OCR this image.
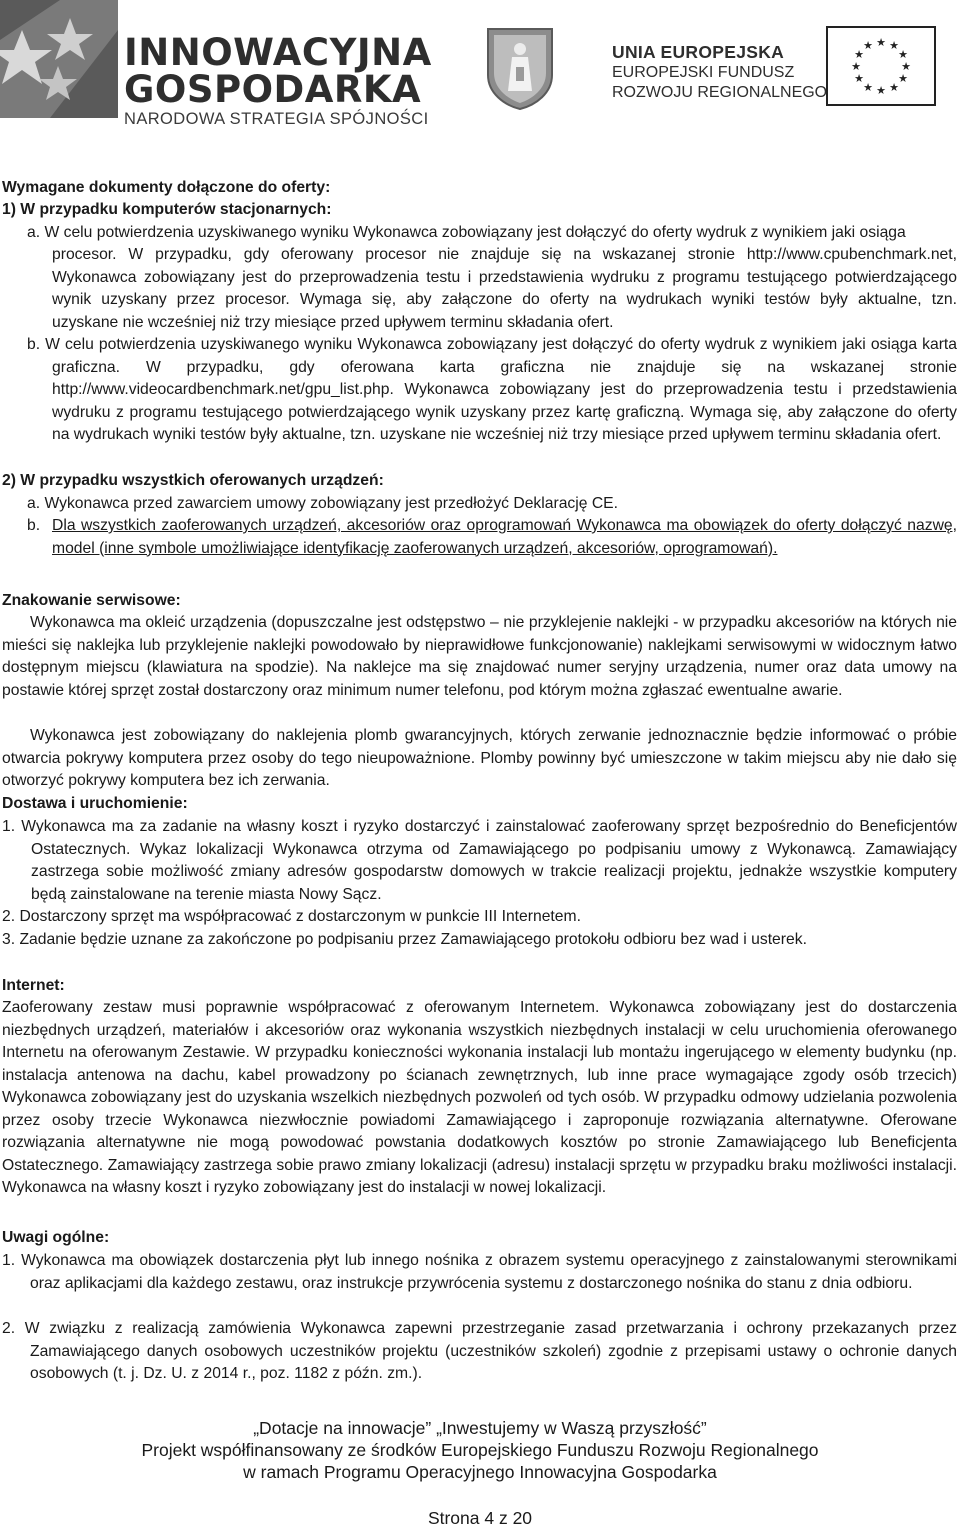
INNOWACYJNA
GOSPODARKA
NARODOWA STRATEGIA SPÓJNOŚCI
UNIA EUROPEJSKA
EUROPEJSKI FUNDUSZ
ROZWOJU REGIONALNEGO
★ ★
★
★
★
★
★
★
★
★
★
★
Wymagane dokumenty dołączone do oferty:
1) W przypadku komputerów stacjonarnych:
a. W celu potwierdzenia uzyskiwanego wyniku Wykonawca zobowiązany jest dołączyć do oferty wydruk z wynikiem jaki osiąga
procesor. W przypadku, gdy oferowany procesor nie znajduje się na wskazanej stronie http://www.cpubenchmark.net,
Wykonawca zobowiązany jest do przeprowadzenia testu i przedstawienia wydruku z programu testującego potwierdzającego
wynik uzyskany przez procesor. Wymaga się, aby załączone do oferty na wydrukach wyniki testów były aktualne, tzn.
uzyskane nie wcześniej niż trzy miesiące przed upływem terminu składania ofert.
b. W celu potwierdzenia uzyskiwanego wyniku Wykonawca zobowiązany jest dołączyć do oferty wydruk z wynikiem jaki osiąga karta graficzna. W przypadku, gdy oferowana karta graficzna nie znajduje się na wskazanej stronie http://www.videocardbenchmark.net/gpu_list.php. Wykonawca zobowiązany jest do przeprowadzenia testu i przedstawienia wydruku z programu testującego potwierdzającego wynik uzyskany przez kartę graficzną. Wymaga się, aby załączone do oferty na wydrukach wyniki testów były aktualne, tzn. uzyskane nie wcześniej niż trzy miesiące przed upływem terminu składania ofert.
2) W przypadku wszystkich oferowanych urządzeń:
a. Wykonawca przed zawarciem umowy zobowiązany jest przedłożyć Deklarację CE.
b. Dla wszystkich zaoferowanych urządzeń, akcesoriów oraz oprogramowań Wykonawca ma obowiązek do oferty dołączyć nazwę, model (inne symbole umożliwiające identyfikację zaoferowanych urządzeń, akcesoriów, oprogramowań).
Znakowanie serwisowe:
Wykonawca ma okleić urządzenia (dopuszczalne jest odstępstwo – nie przyklejenie naklejki - w przypadku akcesoriów na których nie mieści się naklejka lub przyklejenie naklejki powodowało by nieprawidłowe funkcjonowanie) naklejkami serwisowymi w widocznym łatwo dostępnym miejscu (klawiatura na spodzie). Na naklejce ma się znajdować numer seryjny urządzenia, numer oraz data umowy na postawie której sprzęt został dostarczony oraz minimum numer telefonu, pod którym można zgłaszać ewentualne awarie.
Wykonawca jest zobowiązany do naklejenia plomb gwarancyjnych, których zerwanie jednoznacznie będzie informować o próbie otwarcia pokrywy komputera przez osoby do tego nieupoważnione. Plomby powinny być umieszczone w takim miejscu aby nie dało się otworzyć pokrywy komputera bez ich zerwania.
Dostawa i uruchomienie:
1. Wykonawca ma za zadanie na własny koszt i ryzyko dostarczyć i zainstalować zaoferowany sprzęt bezpośrednio do Beneficjentów Ostatecznych. Wykaz lokalizacji Wykonawca otrzyma od Zamawiającego po podpisaniu umowy z Wykonawcą. Zamawiający zastrzega sobie możliwość zmiany adresów gospodarstw domowych w trakcie realizacji projektu, jednakże wszystkie komputery będą zainstalowane na terenie miasta Nowy Sącz.
2. Dostarczony sprzęt ma współpracować z dostarczonym w punkcie III Internetem.
3. Zadanie będzie uznane za zakończone po podpisaniu przez Zamawiającego protokołu odbioru bez wad i usterek.
Internet:
Zaoferowany zestaw musi poprawnie współpracować z oferowanym Internetem. Wykonawca zobowiązany jest do dostarczenia niezbędnych urządzeń, materiałów i akcesoriów oraz wykonania wszystkich niezbędnych instalacji w celu uruchomienia oferowanego Internetu na oferowanym Zestawie. W przypadku konieczności wykonania instalacji lub montażu ingerującego w elementy budynku (np. instalacja antenowa na dachu, kabel prowadzony po ścianach zewnętrznych, lub inne prace wymagające zgody osób trzecich) Wykonawca zobowiązany jest do uzyskania wszelkich niezbędnych pozwoleń od tych osób. W przypadku odmowy udzielania pozwolenia przez osoby trzecie Wykonawca niezwłocznie powiadomi Zamawiającego i zaproponuje rozwiązania alternatywne. Oferowane rozwiązania alternatywne nie mogą powodować powstania dodatkowych kosztów po stronie Zamawiającego lub Beneficjenta Ostatecznego. Zamawiający zastrzega sobie prawo zmiany lokalizacji (adresu) instalacji sprzętu w przypadku braku możliwości instalacji. Wykonawca na własny koszt i ryzyko zobowiązany jest do instalacji w nowej lokalizacji.
Uwagi ogólne:
1. Wykonawca ma obowiązek dostarczenia płyt lub innego nośnika z obrazem systemu operacyjnego z zainstalowanymi sterownikami oraz aplikacjami dla każdego zestawu, oraz instrukcje przywrócenia systemu z dostarczonego nośnika do stanu z dnia odbioru.
2. W związku z realizacją zamówienia Wykonawca zapewni przestrzeganie zasad przetwarzania i ochrony przekazanych przez Zamawiającego danych osobowych uczestników projektu (uczestników szkoleń) zgodnie z przepisami ustawy o ochronie danych osobowych (t. j. Dz. U. z 2014 r., poz. 1182 z późn. zm.).
„Dotacje na innowacje” „Inwestujemy w Waszą przyszłość”
Projekt współfinansowany ze środków Europejskiego Funduszu Rozwoju Regionalnego
w ramach Programu Operacyjnego Innowacyjna Gospodarka
Strona 4 z 20
